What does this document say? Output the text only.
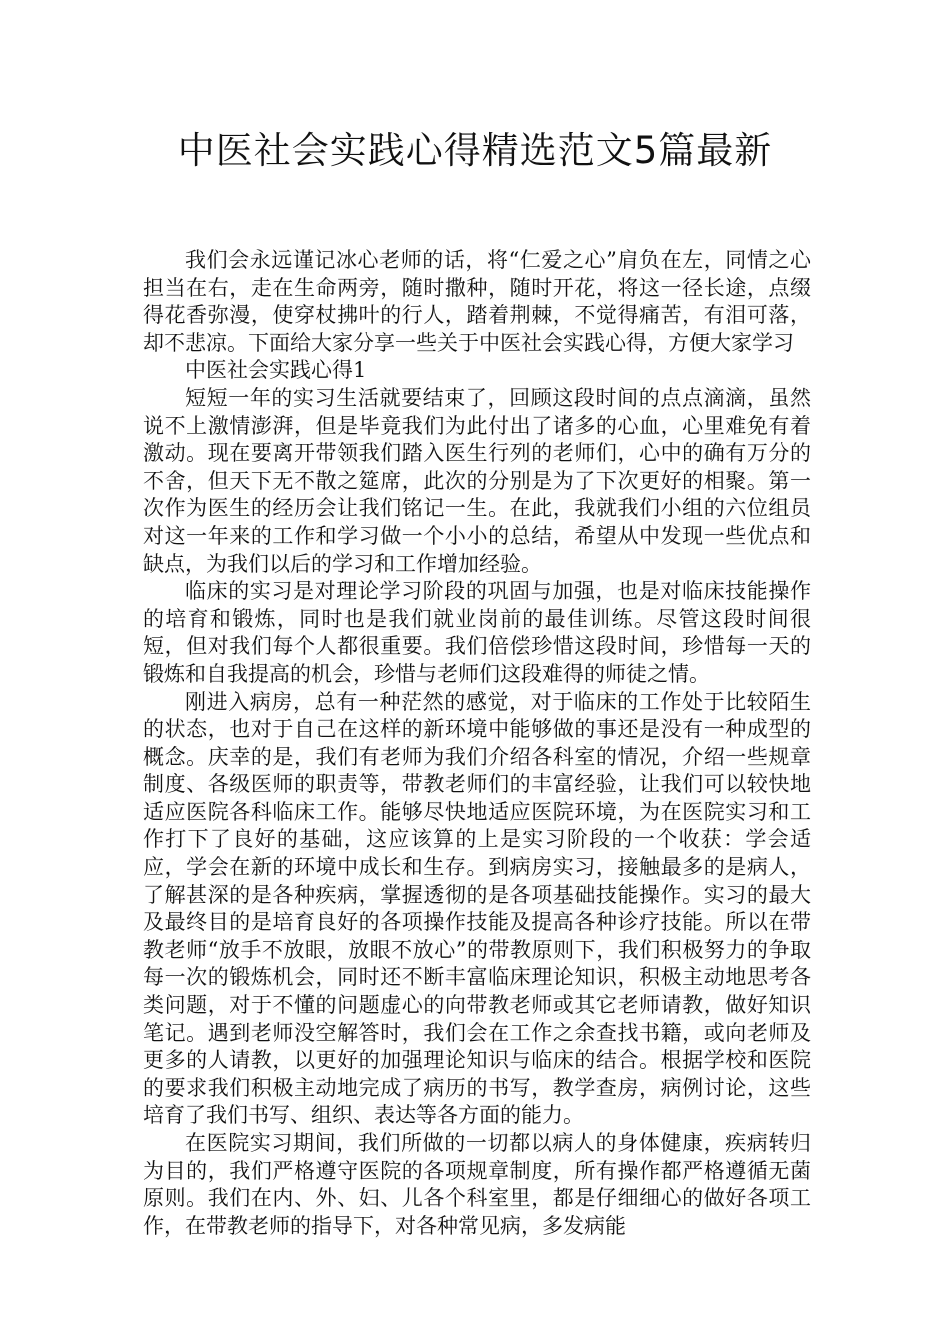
中医社会实践心得精选范文5篇最新

我们会永远谨记冰心老师的话，将“仁爱之心”肩负在左，同情之心担当在右，走在生命两旁，随时撒种，随时开花，将这一径长途，点缀得花香弥漫，使穿杖拂叶的行人，踏着荆棘，不觉得痛苦，有泪可落，却不悲凉。下面给大家分享一些关于中医社会实践心得，方便大家学习

中医社会实践心得1

短短一年的实习生活就要结束了，回顾这段时间的点点滴滴，虽然说不上激情澎湃，但是毕竟我们为此付出了诸多的心血，心里难免有着激动。现在要离开带领我们踏入医生行列的老师们，心中的确有万分的不舍，但天下无不散之筵席，此次的分别是为了下次更好的相聚。第一次作为医生的经历会让我们铭记一生。在此，我就我们小组的六位组员对这一年来的工作和学习做一个小小的总结，希望从中发现一些优点和缺点，为我们以后的学习和工作增加经验。

临床的实习是对理论学习阶段的巩固与加强，也是对临床技能操作的培育和锻炼，同时也是我们就业岗前的最佳训练。尽管这段时间很短，但对我们每个人都很重要。我们倍偿珍惜这段时间，珍惜每一天的锻炼和自我提高的机会，珍惜与老师们这段难得的师徒之情。

刚进入病房，总有一种茫然的感觉，对于临床的工作处于比较陌生的状态，也对于自己在这样的新环境中能够做的事还是没有一种成型的概念。庆幸的是，我们有老师为我们介绍各科室的情况，介绍一些规章制度、各级医师的职责等，带教老师们的丰富经验，让我们可以较快地适应医院各科临床工作。能够尽快地适应医院环境，为在医院实习和工作打下了良好的基础，这应该算的上是实习阶段的一个收获：学会适应，学会在新的环境中成长和生存。到病房实习，接触最多的是病人，了解甚深的是各种疾病，掌握透彻的是各项基础技能操作。实习的最大及最终目的是培育良好的各项操作技能及提高各种诊疗技能。所以在带教老师“放手不放眼，放眼不放心”的带教原则下，我们积极努力的争取每一次的锻炼机会，同时还不断丰富临床理论知识，积极主动地思考各类问题，对于不懂的问题虚心的向带教老师或其它老师请教，做好知识笔记。遇到老师没空解答时，我们会在工作之余查找书籍，或向老师及更多的人请教，以更好的加强理论知识与临床的结合。根据学校和医院的要求我们积极主动地完成了病历的书写，教学查房，病例讨论，这些培育了我们书写、组织、表达等各方面的能力。

在医院实习期间，我们所做的一切都以病人的身体健康，疾病转归为目的，我们严格遵守医院的各项规章制度，所有操作都严格遵循无菌原则。我们在内、外、妇、儿各个科室里，都是仔细细心的做好各项工作，在带教老师的指导下，对各种常见病，多发病能
